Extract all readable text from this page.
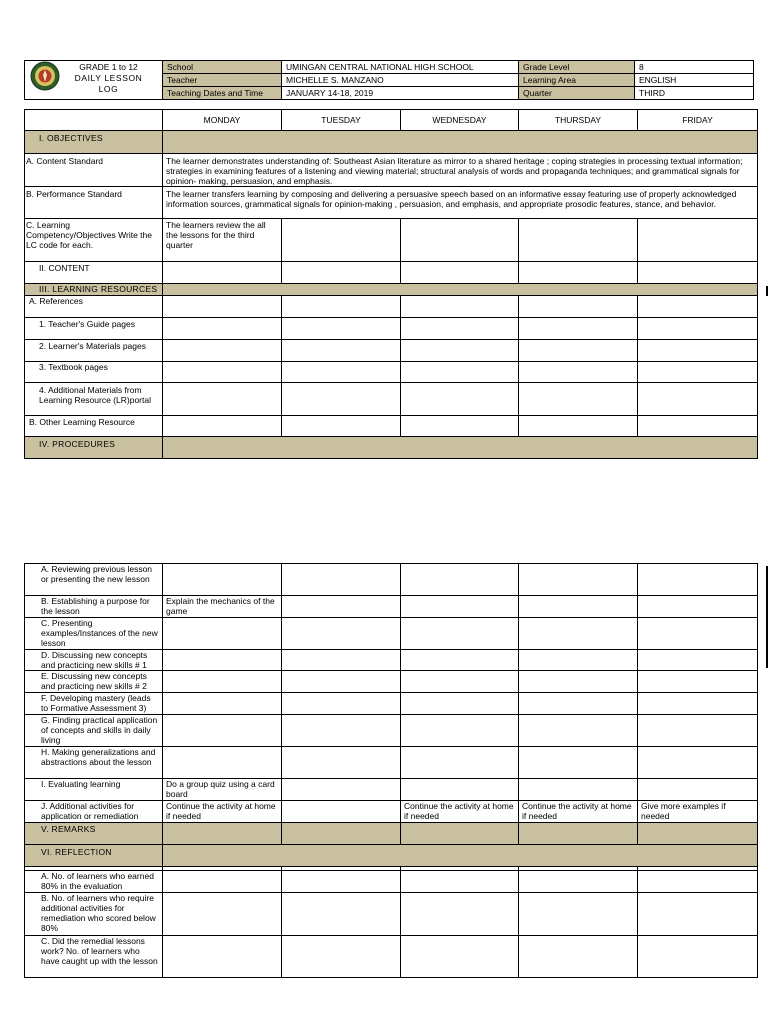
GRADE 1 to 12
DAILY LESSON
LOG	School	UMINGAN CENTRAL NATIONAL HIGH SCHOOL	Grade Level	8
	Teacher	MICHELLE S. MANZANO	Learning Area	ENGLISH
	Teaching Dates and Time	JANUARY 14-18, 2019	Quarter	THIRD
	MONDAY	TUESDAY	WEDNESDAY	THURSDAY	FRIDAY
I. OBJECTIVES					
A. Content Standard	The learner demonstrates understanding of: Southeast Asian literature as mirror to a shared heritage ; coping strategies in processing textual information; strategies in examining features of a listening and viewing material; structural analysis of words and propaganda techniques; and grammatical signals for opinion- making, persuasion, and emphasis.				
B. Performance Standard	The learner transfers learning by composing and delivering a persuasive speech based on an informative essay featuring use of properly acknowledged information sources, grammatical signals for opinion-making , persuasion, and emphasis, and appropriate prosodic features, stance, and behavior.				
C. Learning Competency/Objectives Write the LC code for each.	The learners review the all the lessons for the third quarter				
II. CONTENT					
III. LEARNING RESOURCES					
A. References					
1. Teacher's Guide pages					
2. Learner's Materials pages					
3. Textbook pages					
4. Additional Materials from Learning Resource (LR)portal					
B. Other Learning Resource					
IV. PROCEDURES					
A. Reviewing previous lesson or presenting the new lesson					
B. Establishing a purpose for the lesson	Explain the mechanics of the game				
C. Presenting examples/Instances of the new lesson					
D. Discussing new concepts and practicing new skills # 1					
E. Discussing new concepts and practicing new skills # 2					
F. Developing mastery (leads to Formative Assessment 3)					
G. Finding practical application of concepts and skills in daily living					
H. Making generalizations and abstractions about the lesson					
I. Evaluating learning	Do a group quiz using a card board				
J. Additional activities for application or remediation	Continue the activity at home if needed		Continue the activity at home if needed	Continue the activity at home if needed	Give more examples if needed
V. REMARKS					
VI. REFLECTION					

A. No. of learners who earned 80% in the evaluation					
B. No. of learners who require additional activities for remediation who scored below 80%					
C. Did the remedial lessons work? No. of learners who have caught up with the lesson					
